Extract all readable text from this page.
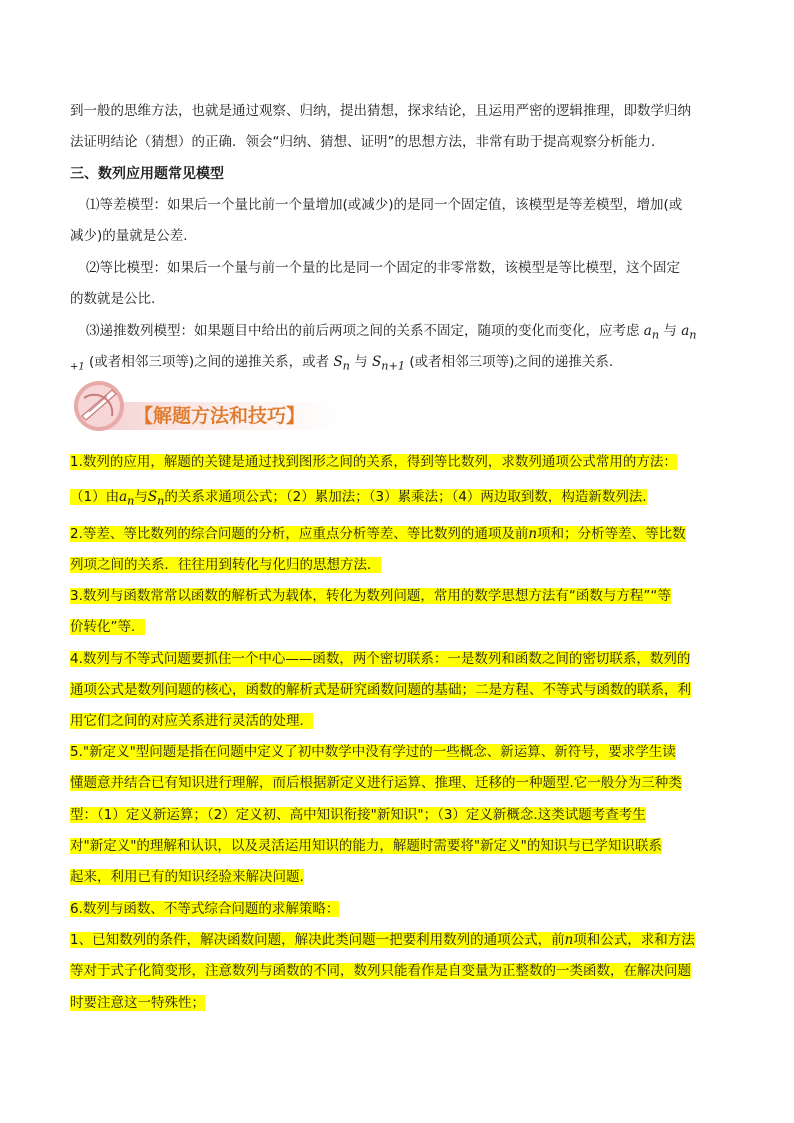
到一般的思维方法，也就是通过观察、归纳，提出猜想，探求结论，且运用严密的逻辑推理，即数学归纳
法证明结论（猜想）的正确．领会“归纳、猜想、证明”的思想方法，非常有助于提高观察分析能力．
三、数列应用题常见模型
⑴等差模型：如果后一个量比前一个量增加(或减少)的是同一个固定值，该模型是等差模型，增加(或
减少)的量就是公差.
⑵等比模型：如果后一个量与前一个量的比是同一个固定的非零常数，该模型是等比模型，这个固定
的数就是公比.
⑶递推数列模型：如果题目中给出的前后两项之间的关系不固定，随项的变化而变化，应考虑 $a_n$ 与 $a_n$
$_{+1}$ (或者相邻三项等)之间的递推关系，或者 $S_n$ 与 $S_{n+1}$ (或者相邻三项等)之间的递推关系.
【解题方法和技巧】
1.数列的应用，解题的关键是通过找到图形之间的关系，得到等比数列，求数列通项公式常用的方法：
（1）由$a_n$与$S_n$的关系求通项公式；（2）累加法；（3）累乘法；（4）两边取到数，构造新数列法.
2.等差、等比数列的综合问题的分析，应重点分析等差、等比数列的通项及前n项和；分析等差、等比数
列项之间的关系．往往用到转化与化归的思想方法．
3.数列与函数常常以函数的解析式为载体，转化为数列问题，常用的数学思想方法有“函数与方程”“等
价转化”等．
4.数列与不等式问题要抓住一个中心——函数，两个密切联系：一是数列和函数之间的密切联系，数列的
通项公式是数列问题的核心，函数的解析式是研究函数问题的基础；二是方程、不等式与函数的联系，利
用它们之间的对应关系进行灵活的处理．
5."新定义"型问题是指在问题中定义了初中数学中没有学过的一些概念、新运算、新符号，要求学生读
懂题意并结合已有知识进行理解，而后根据新定义进行运算、推理、迁移的一种题型.它一般分为三种类
型：（1）定义新运算；（2）定义初、高中知识衔接"新知识"；（3）定义新概念.这类试题考查考生
对"新定义"的理解和认识，以及灵活运用知识的能力，解题时需要将"新定义"的知识与已学知识联系
起来，利用已有的知识经验来解决问题.
6.数列与函数、不等式综合问题的求解策略：
1、已知数列的条件，解决函数问题，解决此类问题一把要利用数列的通项公式，前n项和公式，求和方法
等对于式子化简变形，注意数列与函数的不同，数列只能看作是自变量为正整数的一类函数，在解决问题
时要注意这一特殊性；
